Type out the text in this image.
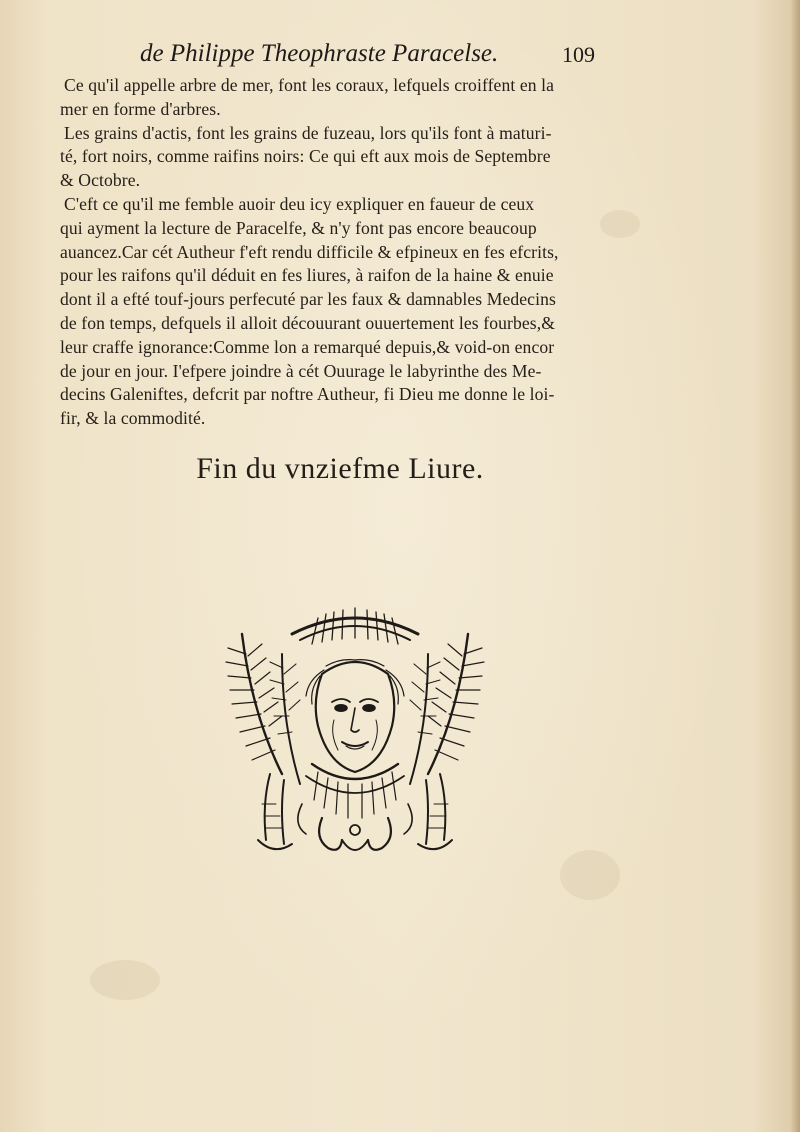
de Philippe Theophraste Paracelse.	109
Ce qu'il appelle arbre de mer, font les coraux, lefquels croiffent en la
mer en forme d'arbres.
Les grains d'actis, font les grains de fuzeau, lors qu'ils font à maturi-
té, fort noirs, comme raifins noirs: Ce qui eft aux mois de Septembre
& Octobre.
C'eft ce qu'il me femble auoir deu icy expliquer en faueur de ceux
qui ayment la lecture de Paracelfe, & n'y font pas encore beaucoup
auancez.Car cét Autheur f'eft rendu difficile & efpineux en fes efcrits,
pour les raifons qu'il déduit en fes liures, à raifon de la haine & enuie
dont il a efté touf-jours perfecuté par les faux & damnables Medecins
de fon temps, defquels il alloit découurant ouuertement les fourbes,&
leur craffe ignorance:Comme lon a remarqué depuis,& void-on encor
de jour en jour. I'efpere joindre à cét Ouurage le labyrinthe des Me-
decins Galeniftes, defcrit par noftre Autheur, fi Dieu me donne le loi-
fir, & la commodité.
Fin du vnziefme Liure.
